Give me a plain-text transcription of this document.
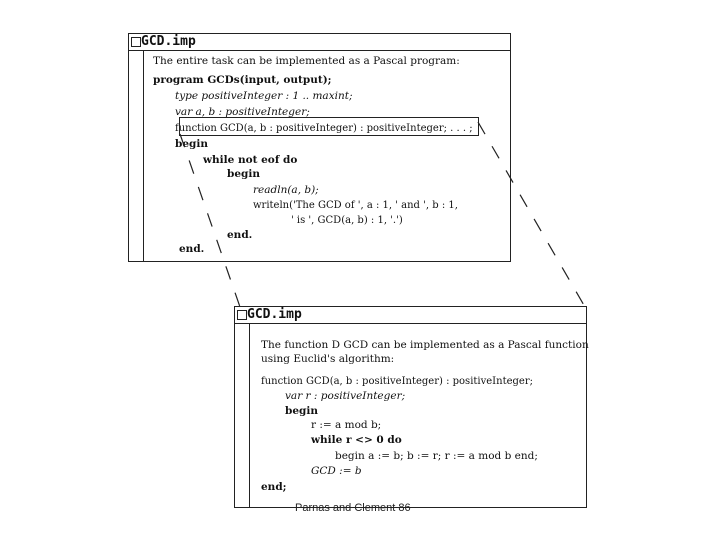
GCD.imp
The entire task can be implemented as a Pascal program:
program GCDs(input, output);
type positiveInteger : 1 .. maxint;
var a, b : positiveInteger;
function GCD(a, b : positiveInteger) : positiveInteger; . . . ;
begin
while not eof do
begin
readln(a, b);
writeln('The GCD of ', a : 1, ' and ', b : 1,
' is ', GCD(a, b) : 1, '.')
end.
end.
GCD.imp
The function D GCD can be implemented as a Pascal function
using Euclid's algorithm:
function GCD(a, b : positiveInteger) : positiveInteger;
var r : positiveInteger;
begin
r := a mod b;
while r <> 0 do
begin a := b; b := r; r := a mod b end;
GCD := b
end;
Parnas and Clement 86
